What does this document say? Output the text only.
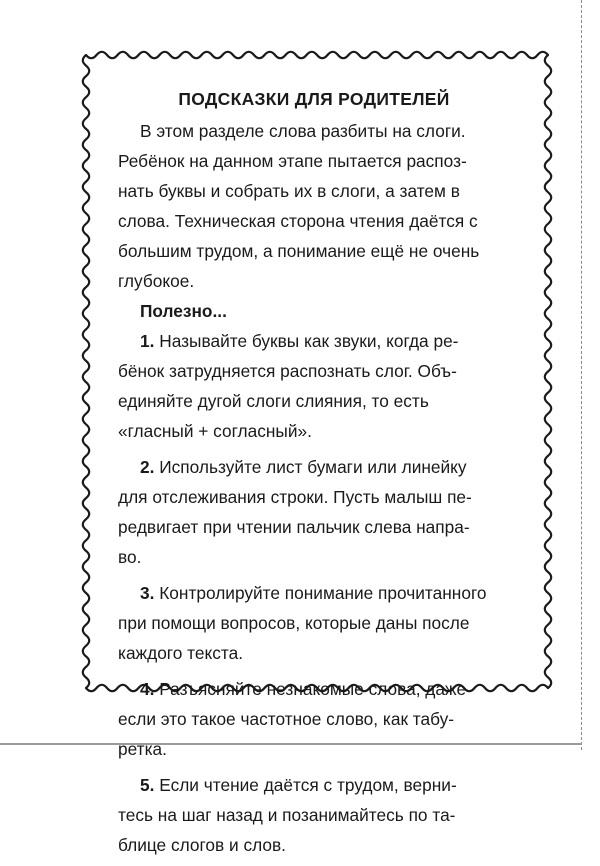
ПОДСКАЗКИ ДЛЯ РОДИТЕЛЕЙ

В этом разделе слова разбиты на слоги.
Ребёнок на данном этапе пытается распоз-
нать буквы и собрать их в слоги, а затем в
слова. Техническая сторона чтения даётся с
большим трудом, а понимание ещё не очень
глубокое.

Полезно...

1. Называйте буквы как звуки, когда ре-
бёнок затрудняется распознать слог. Объ-
единяйте дугой слоги слияния, то есть
«гласный + согласный».

2. Используйте лист бумаги или линейку
для отслеживания строки. Пусть малыш пе-
редвигает при чтении пальчик слева напра-
во.

3. Контролируйте понимание прочитанного
при помощи вопросов, которые даны после
каждого текста.

4. Разъясняйте незнакомые слова, даже
если это такое частотное слово, как табу-
ретка.

5. Если чтение даётся с трудом, верни-
тесь на шаг назад и позанимайтесь по та-
блице слогов и слов.
